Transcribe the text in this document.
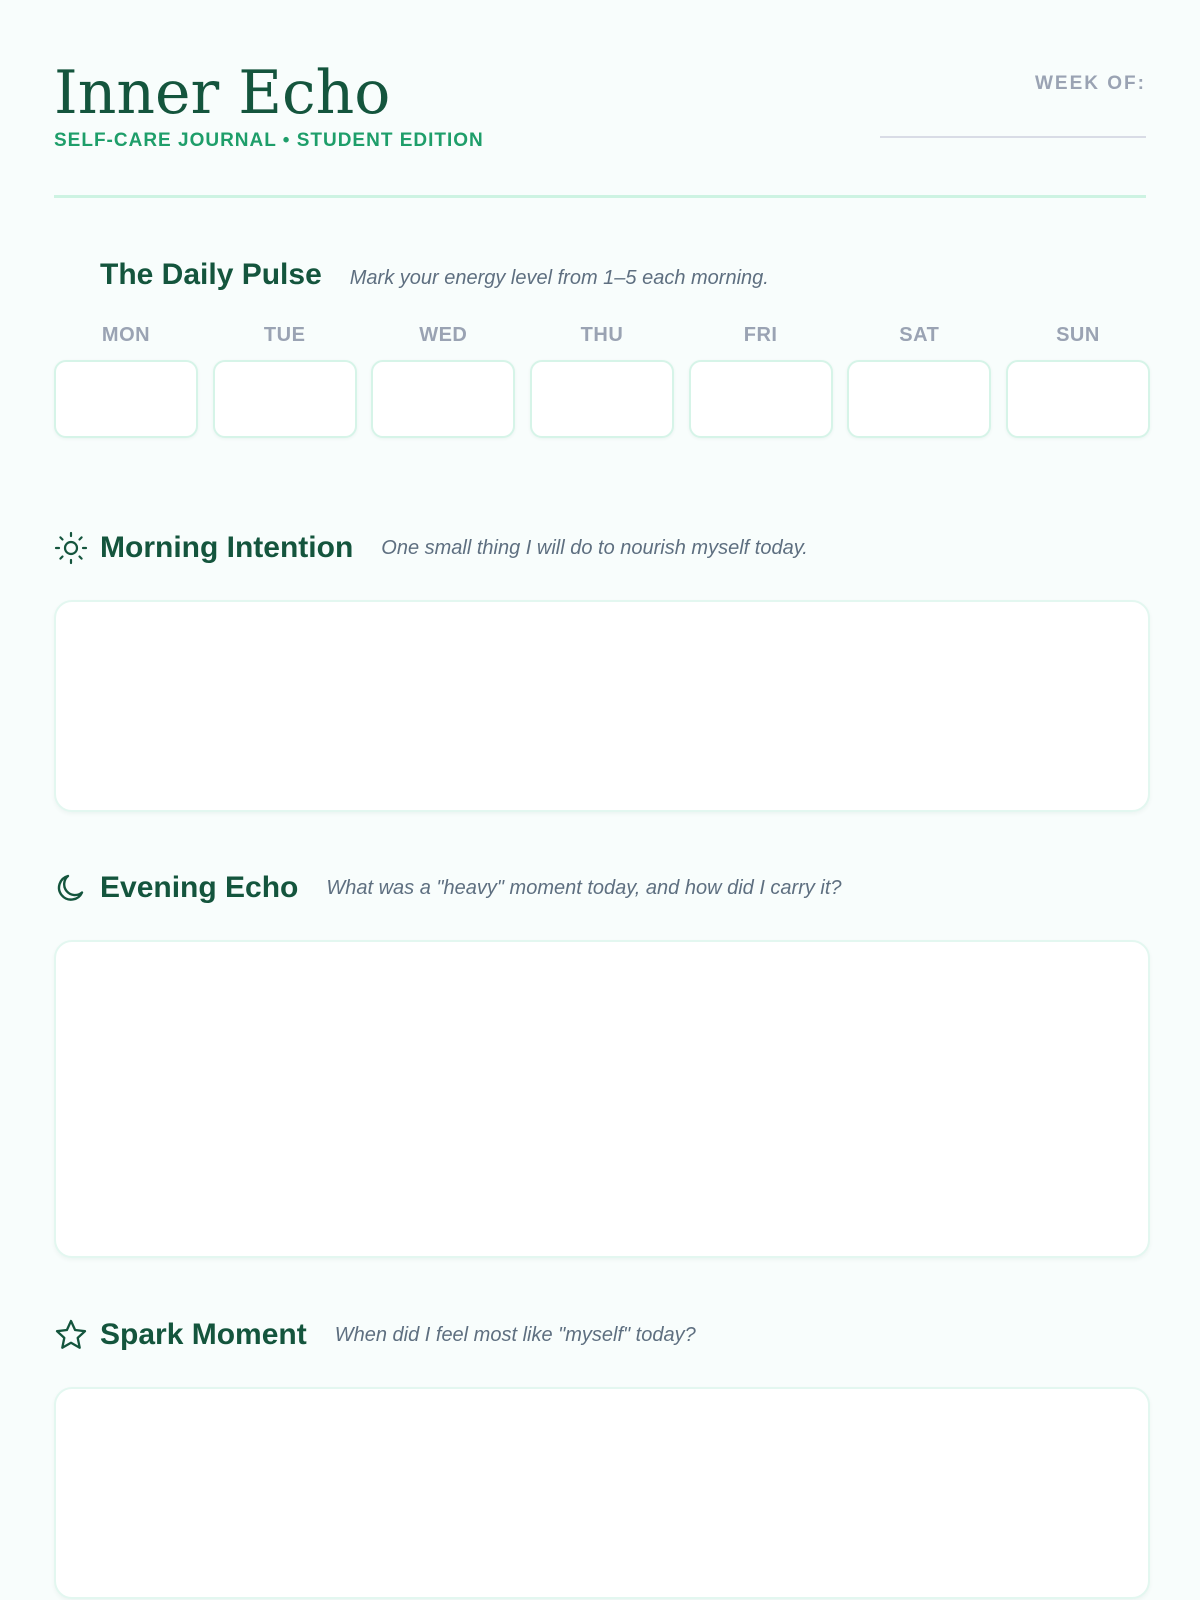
Inner Echo
SELF-CARE JOURNAL • STUDENT EDITION
WEEK OF:
The Daily Pulse Mark your energy level from 1–5 each morning.
MON	TUE	WED	THU	FRI	SAT	SUN
Morning Intention One small thing I will do to nourish myself today.
Evening Echo What was a "heavy" moment today, and how did I carry it?
Spark Moment When did I feel most like "myself" today?
